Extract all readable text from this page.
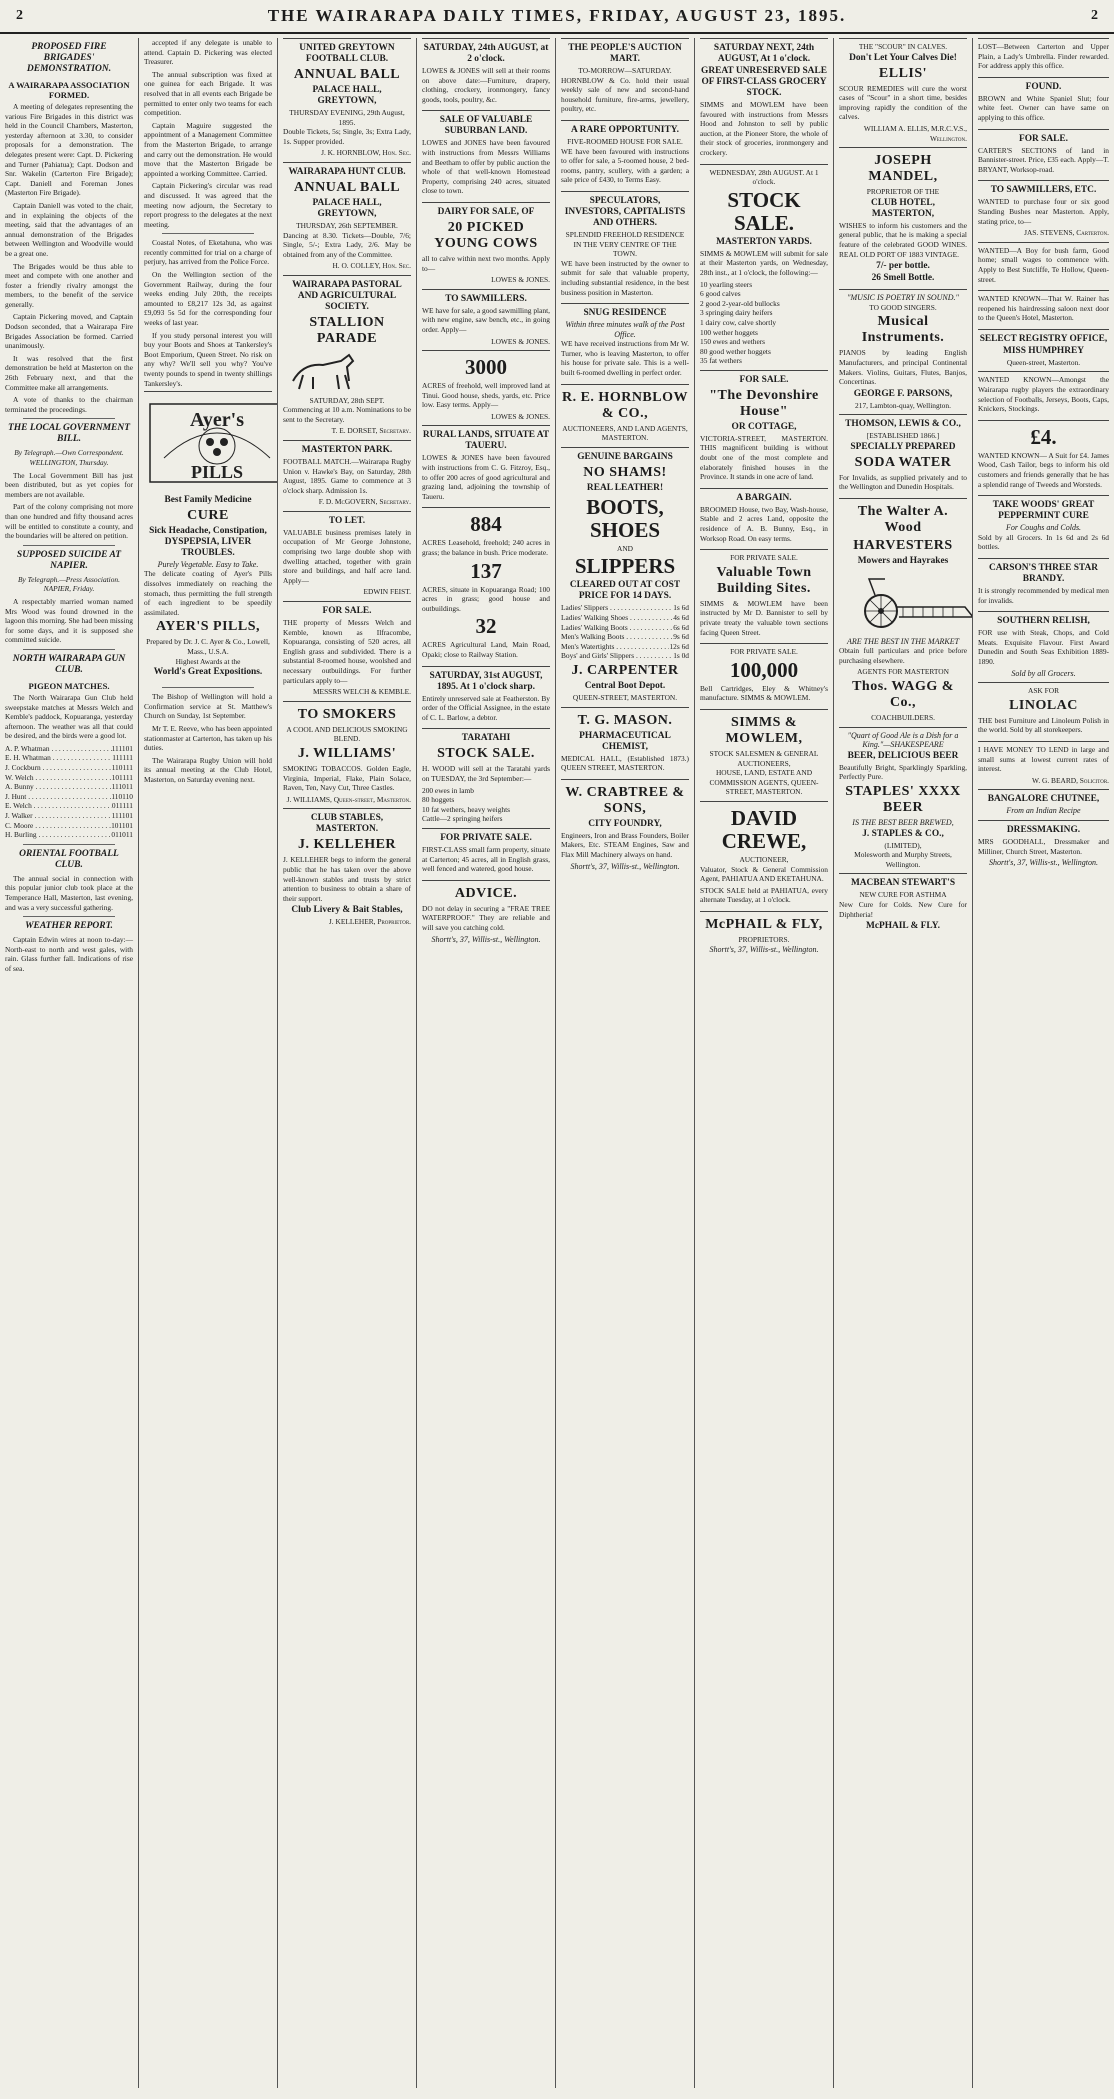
2	THE WAIRARAPA DAILY TIMES, FRIDAY, AUGUST 23, 1895.	2
PROPOSED FIRE BRIGADES' DEMONSTRATION.
A WAIRARAPA ASSOCIATION FORMED.

A meeting of delegates representing the various Fire Brigades in this district was held in the Council Chambers, Masterton, yesterday afternoon at 3.30, to consider proposals for a demonstration. The delegates present were: Capt. D. Pickering and Turner (Pahiatua); Capt. Dodson and Snr. Wakelin (Carterton Fire Brigade); Capt. Daniell and Foreman Jones (Masterton Fire Brigade).

Captain Daniell was voted to the chair, and in explaining the objects of the meeting, said that the advantages of an annual demonstration of the Brigades between Wellington and Woodville would be a great one.

The Brigades would be thus able to meet and compete with one another and foster a friendly rivalry amongst the members, to the benefit of the service generally.

Captain Pickering moved, and Captain Dodson seconded, that a Wairarapa Fire Brigades Association be formed. Carried unanimously.

It was resolved that the first demonstration be held at Masterton on the 26th February next, and that the Committee make all arrangements.

A vote of thanks to the chairman terminated the proceedings.

THE LOCAL GOVERNMENT BILL.

By Telegraph.—Own Correspondent. WELLINGTON, Thursday.

The Local Government Bill has just been distributed, but as yet copies for members are not available.

Part of the colony comprising not more than one hundred and fifty thousand acres will be entitled to constitute a county, and the boundaries will be altered on petition.

SUPPOSED SUICIDE AT NAPIER.

By Telegraph.—Press Association. NAPIER, Friday.

A respectably married woman named Mrs Wood was found drowned in the lagoon this morning. She had been missing for some days, and it is supposed she committed suicide.

NORTH WAIRARAPA GUN CLUB.
PIGEON MATCHES.

The North Wairarapa Gun Club held sweepstake matches at Messrs Welch and Kemble's paddock, Kopuaranga, yesterday afternoon. The weather was all that could be desired, and the birds were a good lot.

A. P. Whatman . . .	111101
E. H. Whatman . . .	111111
J. Cockburn . . .	110111
W. Welch . . .	101111
A. Bunny . . .	111011
J. Hunt . . .	110110
E. Welch . . .	011111
J. Walker . . .	111101
C. Moore . . .	101101
H. Burling . . .	011011
ORIENTAL FOOTBALL CLUB.

The annual social in connection with this popular junior club took place at the Temperance Hall, Masterton, last evening, and was a very successful gathering.

WEATHER REPORT.

Captain Edwin wires at noon to-day:— North-east to north and west gales, with rain. Glass further fall. Indications of rise of sea.

accepted if any delegate is unable to attend. Captain D. Pickering was elected Treasurer.

The annual subscription was fixed at one guinea for each Brigade. It was resolved that in all events each Brigade be permitted to enter only two teams for each competition.

Captain Maguire suggested the appointment of a Management Committee from the Masterton Brigade, to arrange and carry out the demonstration. He would move that the Masterton Brigade be appointed a working Committee. Carried.

Captain Pickering's circular was read and discussed. It was agreed that the meeting now adjourn, the Secretary to report progress to the delegates at the next meeting.

Coastal Notes, of Eketahuna, who was recently committed for trial on a charge of perjury, has arrived from the Police Force.

On the Wellington section of the Government Railway, during the four weeks ending July 20th, the receipts amounted to £8,217 12s 3d, as against £9,093 5s 5d for the corresponding four weeks of last year.

If you study personal interest you will buy your Boots and Shoes at Tankersley's Boot Emporium, Queen Street. No risk on any why? We'll sell you why? You've twenty pounds to spend in twenty shillings Tankersley's.

Ayer's
PILLS
Best Family Medicine
CURE
Sick Headache, Constipation, DYSPEPSIA, LIVER TROUBLES.
Purely Vegetable. Easy to Take.

The delicate coating of Ayer's Pills dissolves immediately on reaching the stomach, thus permitting the full strength of each ingredient to be speedily assimilated.

AYER'S PILLS,
Prepared by Dr. J. C. Ayer & Co., Lowell, Mass., U.S.A.
Highest Awards at the
World's Great Expositions.

The Bishop of Wellington will hold a Confirmation service at St. Matthew's Church on Sunday, 1st September.

Mr T. E. Reeve, who has been appointed stationmaster at Carterton, has taken up his duties.

The Wairarapa Rugby Union will hold its annual meeting at the Club Hotel, Masterton, on Saturday evening next.

UNITED GREYTOWN FOOTBALL CLUB.
ANNUAL BALL
PALACE HALL, GREYTOWN,
THURSDAY EVENING, 29th August, 1895.

Double Tickets, 5s; Single, 3s; Extra Lady, 1s. Supper provided.

J. K. HORNBLOW, Hon. Sec.
WAIRARAPA HUNT CLUB.
ANNUAL BALL
PALACE HALL, GREYTOWN,
THURSDAY, 26th SEPTEMBER.

Dancing at 8.30. Tickets—Double, 7/6; Single, 5/-; Extra Lady, 2/6. May be obtained from any of the Committee.

H. O. COLLEY, Hon. Sec.
WAIRARAPA PASTORAL AND AGRICULTURAL SOCIETY.
STALLION PARADE
SATURDAY, 28th SEPT.

Commencing at 10 a.m. Nominations to be sent to the Secretary.

T. E. DORSET, Secretary.
MASTERTON PARK.

FOOTBALL MATCH.—Wairarapa Rugby Union v. Hawke's Bay, on Saturday, 28th August, 1895. Game to commence at 3 o'clock sharp. Admission 1s.

F. D. McGOVERN, Secretary.
TO LET.

VALUABLE business premises lately in occupation of Mr George Johnstone, comprising two large double shop with dwelling attached, together with grain store and buildings, and half acre land. Apply—

EDWIN FEIST.
FOR SALE.

THE property of Messrs Welch and Kemble, known as Ilfracombe, Kopuaranga, consisting of 520 acres, all English grass and subdivided. There is a substantial 8-roomed house, woolshed and necessary outbuildings. For further particulars apply to—

MESSRS WELCH & KEMBLE.
TO SMOKERS
A COOL AND DELICIOUS SMOKING BLEND.
J. WILLIAMS'

SMOKING TOBACCOS. Golden Eagle, Virginia, Imperial, Flake, Plain Solace, Raven, Ten, Navy Cut, Three Castles.

J. WILLIAMS, Queen-street, Masterton.
CLUB STABLES, MASTERTON.
J. KELLEHER

J. KELLEHER begs to inform the general public that he has taken over the above well-known stables and trusts by strict attention to business to obtain a share of their support.

Club Livery & Bait Stables,
J. KELLEHER, Proprietor.
SATURDAY, 24th AUGUST, at 2 o'clock.

LOWES & JONES will sell at their rooms on above date:—Furniture, drapery, clothing, crockery, ironmongery, fancy goods, tools, poultry, &c.

SALE OF VALUABLE SUBURBAN LAND.

LOWES and JONES have been favoured with instructions from Messrs Williams and Beetham to offer by public auction the whole of that well-known Homestead Property, comprising 240 acres, situated close to town.

DAIRY FOR SALE, OF
20 PICKED YOUNG COWS

all to calve within next two months. Apply to—

LOWES & JONES.
TO SAWMILLERS.

WE have for sale, a good sawmilling plant, with new engine, saw bench, etc., in going order. Apply—

LOWES & JONES.
3000

ACRES of freehold, well improved land at Tinui. Good house, sheds, yards, etc. Price low. Easy terms. Apply—

LOWES & JONES.
RURAL LANDS, SITUATE AT TAUERU.

LOWES & JONES have been favoured with instructions from C. G. Fitzroy, Esq., to offer 200 acres of good agricultural and grazing land, adjoining the township of Taueru.

884

ACRES Leasehold, freehold; 240 acres in grass; the balance in bush. Price moderate.

137

ACRES, situate in Kopuaranga Road; 100 acres in grass; good house and outbuildings.

32

ACRES Agricultural Land, Main Road, Opaki; close to Railway Station.

SATURDAY, 31st AUGUST, 1895. At 1 o'clock sharp.

Entirely unreserved sale at Featherston. By order of the Official Assignee, in the estate of C. L. Barlow, a debtor.

TARATAHI
STOCK SALE.

H. WOOD will sell at the Taratahi yards on TUESDAY, the 3rd September:—

200 ewes in lamb
80 hoggets
10 fat wethers, heavy weights
Cattle—2 springing heifers
FOR PRIVATE SALE.

FIRST-CLASS small farm property, situate at Carterton; 45 acres, all in English grass, well fenced and watered, good house.

ADVICE.

DO not delay in securing a "FRAE TREE WATERPROOF." They are reliable and will save you catching cold.

Shortt's, 37, Willis-st., Wellington.
THE PEOPLE'S AUCTION MART.
TO-MORROW—SATURDAY.

HORNBLOW & Co. hold their usual weekly sale of new and second-hand household furniture, fire-arms, jewellery, poultry, etc.

A RARE OPPORTUNITY.
FIVE-ROOMED HOUSE FOR SALE.

WE have been favoured with instructions to offer for sale, a 5-roomed house, 2 bed-rooms, pantry, scullery, with a garden; a sale price of £430, to Terms Easy.

SPECULATORS, INVESTORS, CAPITALISTS AND OTHERS.
SPLENDID FREEHOLD RESIDENCE IN THE VERY CENTRE OF THE TOWN.

WE have been instructed by the owner to submit for sale that valuable property, including substantial residence, in the best business position in Masterton.

SNUG RESIDENCE
Within three minutes walk of the Post Office.

WE have received instructions from Mr W. Turner, who is leaving Masterton, to offer his house for private sale. This is a well-built 6-roomed dwelling in perfect order.

R. E. HORNBLOW & CO.,
AUCTIONEERS, AND LAND AGENTS, MASTERTON.
GENUINE BARGAINS
NO SHAMS!
REAL LEATHER!
BOOTS, SHOES
AND
SLIPPERS
CLEARED OUT AT COST PRICE FOR 14 DAYS.
Ladies' Slippers . . .	1s 6d
Ladies' Walking Shoes . . .	4s 6d
Ladies' Walking Boots . . .	6s 6d
Men's Walking Boots . . .	9s 6d
Men's Watertights . . .	12s 6d
Boys' and Girls' Slippers . . .	1s 0d
J. CARPENTER
Central Boot Depot.
QUEEN-STREET, MASTERTON.
T. G. MASON.
PHARMACEUTICAL CHEMIST,

MEDICAL HALL, (Established 1873.) QUEEN STREET, MASTERTON.

W. CRABTREE & SONS,
CITY FOUNDRY,

Engineers, Iron and Brass Founders, Boiler Makers, Etc. STEAM Engines, Saw and Flax Mill Machinery always on hand.

Shortt's, 37, Willis-st., Wellington.
SATURDAY NEXT, 24th AUGUST, At 1 o'clock.
GREAT UNRESERVED SALE OF FIRST-CLASS GROCERY STOCK.

SIMMS and MOWLEM have been favoured with instructions from Messrs Hood and Johnston to sell by public auction, at the Pioneer Store, the whole of their stock of groceries, ironmongery and crockery.

WEDNESDAY, 28th AUGUST. At 1 o'clock.
STOCK SALE.
MASTERTON YARDS.

SIMMS & MOWLEM will submit for sale at their Masterton yards, on Wednesday, 28th inst., at 1 o'clock, the following:—

10 yearling steers
6 good calves
2 good 2-year-old bullocks
3 springing dairy heifers
1 dairy cow, calve shortly
100 wether hoggets
150 ewes and wethers
80 good wether hoggets
35 fat wethers
FOR SALE.
"The Devonshire House"
OR COTTAGE,

VICTORIA-STREET, MASTERTON. THIS magnificent building is without doubt one of the most complete and elaborately finished houses in the Province. It stands in one acre of land.

A BARGAIN.

BROOMED House, two Bay, Wash-house, Stable and 2 acres Land, opposite the residence of A. B. Bunny, Esq., in Worksop Road. On easy terms.

FOR PRIVATE SALE.
Valuable Town Building Sites.

SIMMS & MOWLEM have been instructed by Mr D. Bannister to sell by private treaty the valuable town sections facing Queen Street.

FOR PRIVATE SALE.
100,000

Bell Cartridges, Eley & Whitney's manufacture. SIMMS & MOWLEM.

SIMMS & MOWLEM,
STOCK SALESMEN & GENERAL AUCTIONEERS,
HOUSE, LAND, ESTATE AND COMMISSION AGENTS, QUEEN-STREET, MASTERTON.
DAVID CREWE,
AUCTIONEER,

Valuator, Stock & General Commission Agent, PAHIATUA AND EKETAHUNA.

STOCK SALE held at PAHIATUA, every alternate Tuesday, at 1 o'clock.

McPHAIL & FLY,
PROPRIETORS.
Shortt's, 37, Willis-st., Wellington.
THE "SCOUR" IN CALVES.
Don't Let Your Calves Die!
ELLIS'

SCOUR REMEDIES will cure the worst cases of "Scour" in a short time, besides improving rapidly the condition of the calves.

WILLIAM A. ELLIS, M.R.C.V.S., Wellington.
JOSEPH MANDEL,
PROPRIETOR OF THE
CLUB HOTEL, MASTERTON,

WISHES to inform his customers and the general public, that he is making a special feature of the celebrated GOOD WINES. REAL OLD PORT OF 1883 VINTAGE.

7/- per bottle.
26 Smell Bottle.
"MUSIC IS POETRY IN SOUND."
TO GOOD SINGERS.
Musical Instruments.

PIANOS by leading English Manufacturers, and principal Continental Makers. Violins, Guitars, Flutes, Banjos, Concertinas.

GEORGE F. PARSONS,
217, Lambton-quay, Wellington.
THOMSON, LEWIS & CO.,
[ESTABLISHED 1866.]
SPECIALLY PREPARED
SODA WATER

For Invalids, as supplied privately and to the Wellington and Dunedin Hospitals.

The Walter A. Wood
HARVESTERS
Mowers and Hayrakes
ARE THE BEST IN THE MARKET

Obtain full particulars and price before purchasing elsewhere.

AGENTS FOR MASTERTON
Thos. WAGG & Co.,
COACHBUILDERS.
"Quart of Good Ale is a Dish for a King."—SHAKESPEARE
BEER, DELICIOUS BEER

Beautifully Bright, Sparklingly Sparkling, Perfectly Pure.

STAPLES' XXXX BEER
IS THE BEST BEER BREWED,
J. STAPLES & CO.,
(LIMITED),
Molesworth and Murphy Streets, Wellington.
MACBEAN STEWART'S
NEW CURE FOR ASTHMA

New Cure for Colds. New Cure for Diphtheria!

McPHAIL & FLY.

LOST—Between Carterton and Upper Plain, a Lady's Umbrella. Finder rewarded. For address apply this office.

FOUND.

BROWN and White Spaniel Slut; four white feet. Owner can have same on applying to this office.

FOR SALE.

CARTER'S SECTIONS of land in Bannister-street. Price, £35 each. Apply—T. BRYANT, Worksop-road.

TO SAWMILLERS, ETC.

WANTED to purchase four or six good Standing Bushes near Masterton. Apply, stating price, to—

JAS. STEVENS, Carterton.

WANTED—A Boy for bush farm, Good home; small wages to commence with. Apply to Best Sutcliffe, Te Hollow, Queen-street.

WANTED KNOWN—That W. Rainer has reopened his hairdressing saloon next door to the Queen's Hotel, Masterton.

SELECT REGISTRY OFFICE,
MISS HUMPHREY
Queen-street, Masterton.

WANTED KNOWN—Amongst the Wairarapa rugby players the extraordinary selection of Footballs, Jerseys, Boots, Caps, Knickers, Stockings.

£4.

WANTED KNOWN— A Suit for £4. James Wood, Cash Tailor, begs to inform his old customers and friends generally that he has a splendid range of Tweeds and Worsteds.

TAKE WOODS' GREAT PEPPERMINT CURE
For Coughs and Colds.

Sold by all Grocers. In 1s 6d and 2s 6d bottles.

CARSON'S THREE STAR BRANDY.

It is strongly recommended by medical men for invalids.

SOUTHERN RELISH,

FOR use with Steak, Chops, and Cold Meats. Exquisite Flavour. First Award Dunedin and South Seas Exhibition 1889-1890.

Sold by all Grocers.
ASK FOR
LINOLAC

THE best Furniture and Linoleum Polish in the world. Sold by all storekeepers.

I HAVE MONEY TO LEND in large and small sums at lowest current rates of interest.

W. G. BEARD, Solicitor.
BANGALORE CHUTNEE,
From an Indian Recipe
DRESSMAKING.

MRS GOODHALL, Dressmaker and Milliner, Church Street, Masterton.

Shortt's, 37, Willis-st., Wellington.
